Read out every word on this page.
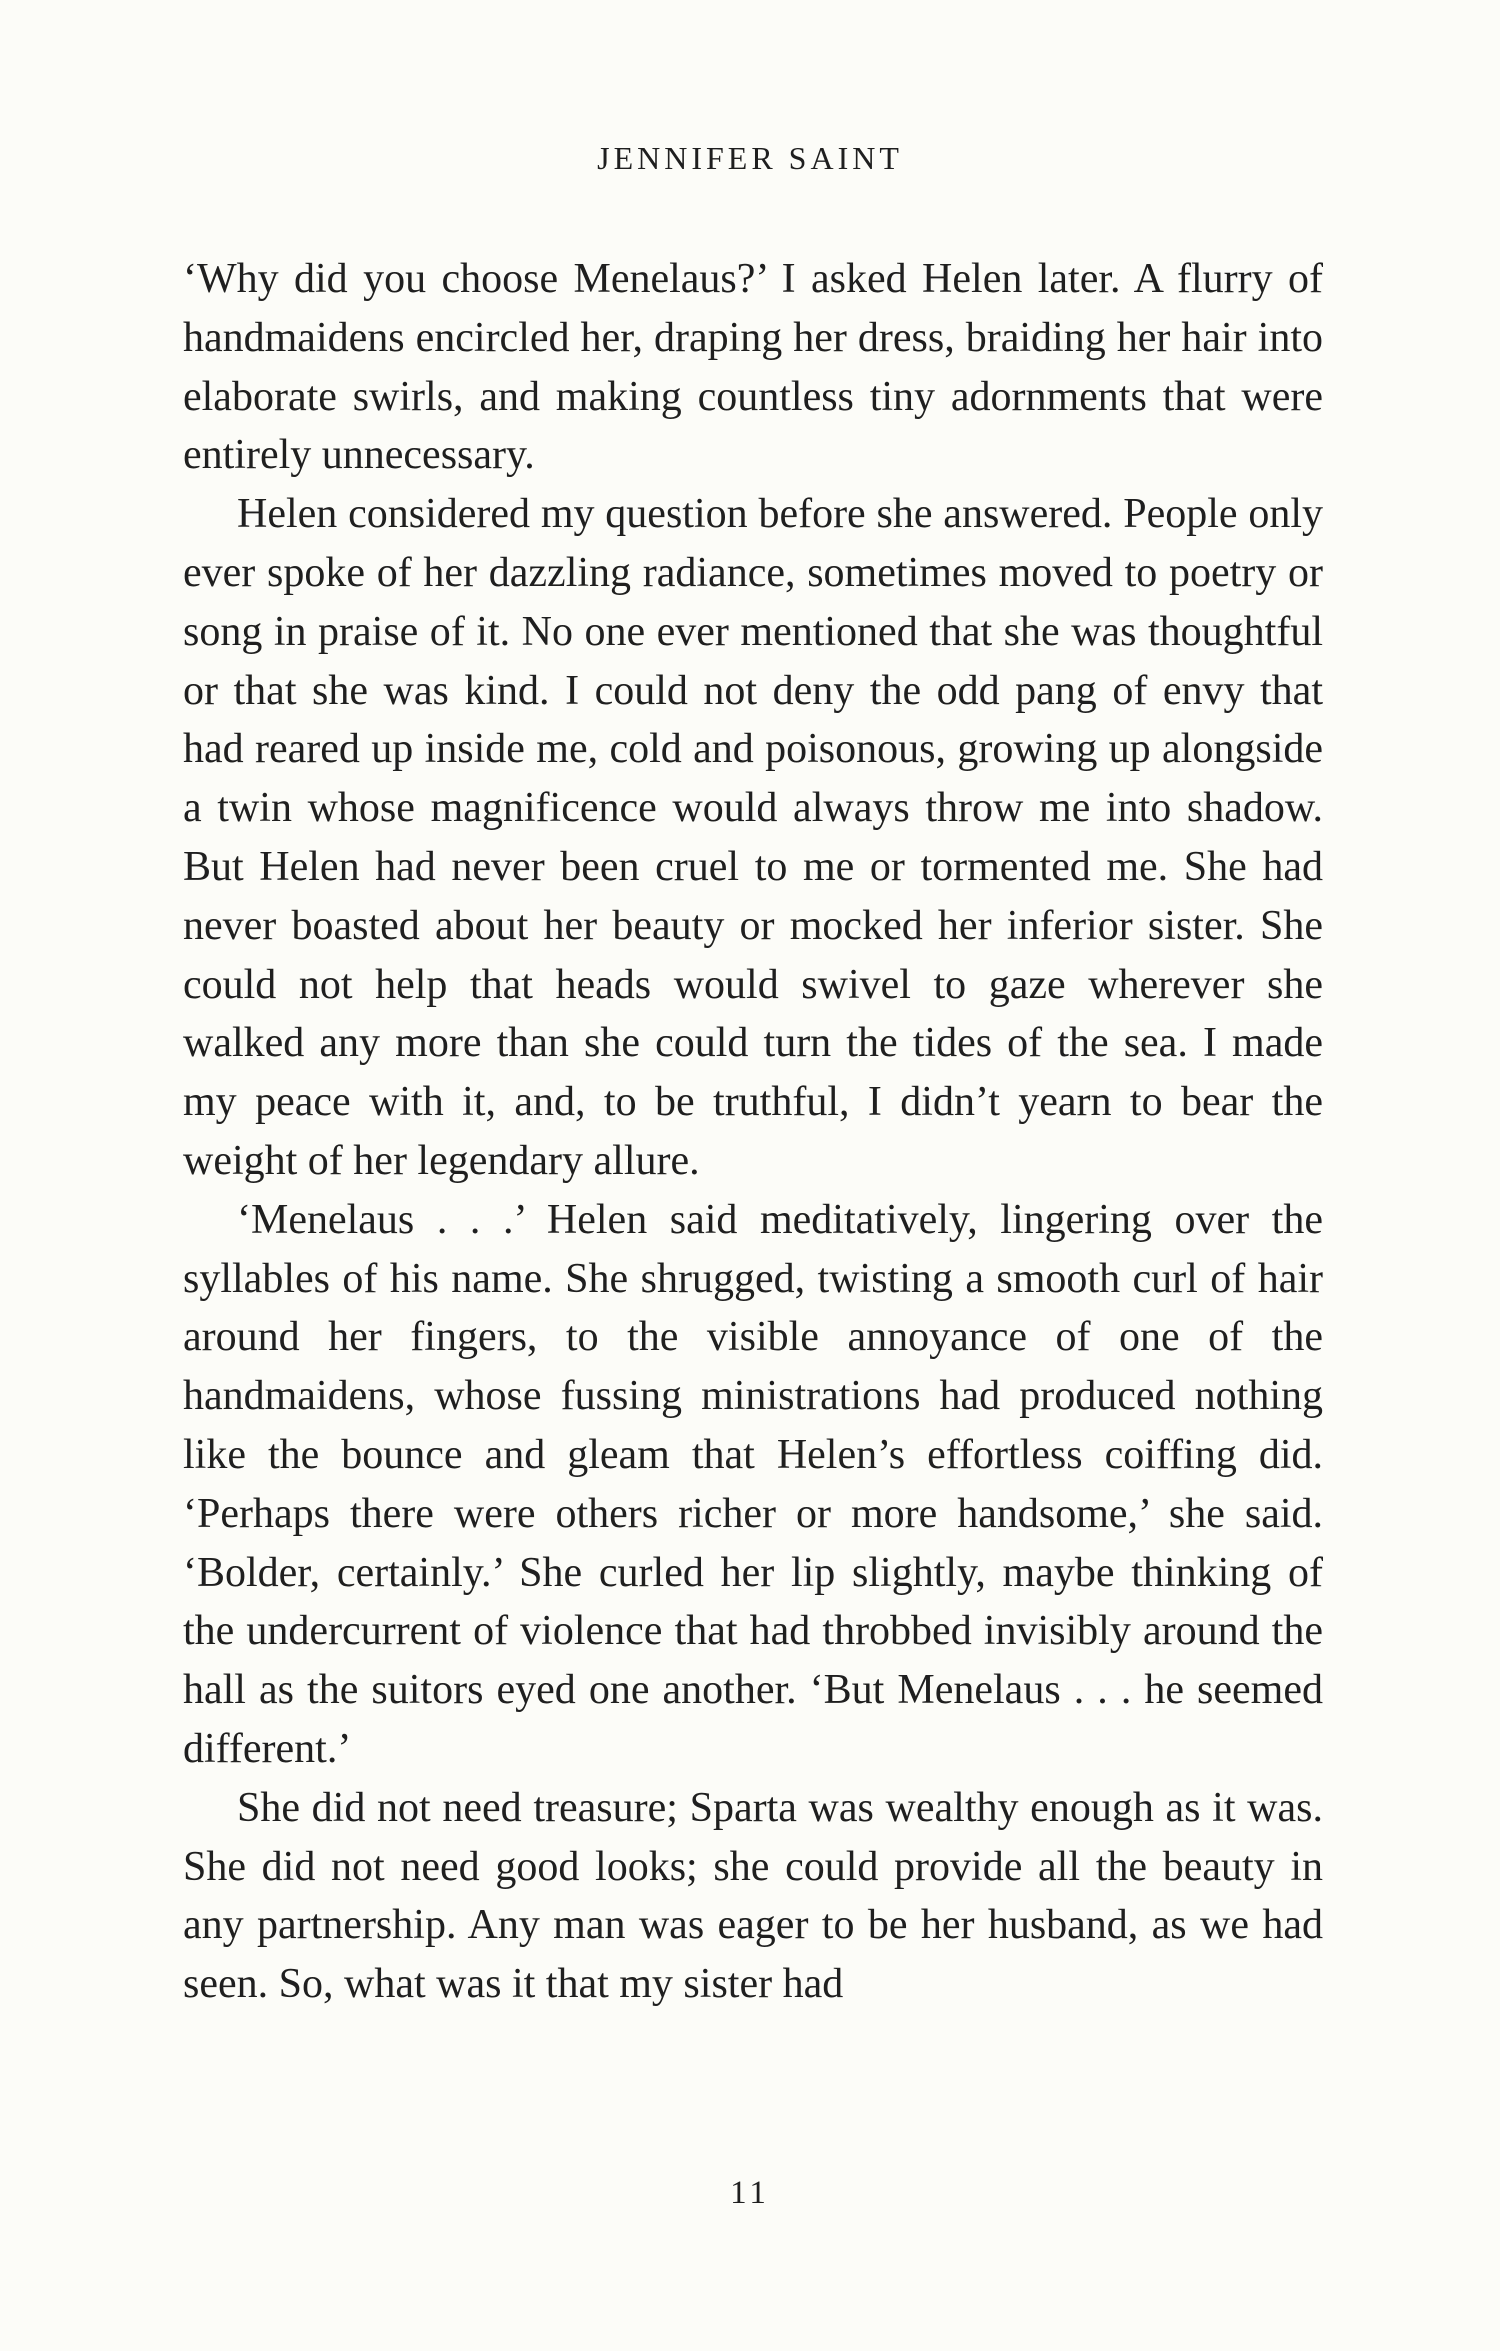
JENNIFER SAINT

‘Why did you choose Menelaus?’ I asked Helen later. A flurry of handmaidens encircled her, draping her dress, braiding her hair into elaborate swirls, and making countless tiny adornments that were entirely unnecessary.

Helen considered my question before she answered. People only ever spoke of her dazzling radiance, sometimes moved to poetry or song in praise of it. No one ever mentioned that she was thoughtful or that she was kind. I could not deny the odd pang of envy that had reared up inside me, cold and poisonous, growing up alongside a twin whose magnificence would always throw me into shadow. But Helen had never been cruel to me or tormented me. She had never boasted about her beauty or mocked her inferior sister. She could not help that heads would swivel to gaze wherever she walked any more than she could turn the tides of the sea. I made my peace with it, and, to be truthful, I didn’t yearn to bear the weight of her legendary allure.

‘Menelaus . . .’ Helen said meditatively, lingering over the syllables of his name. She shrugged, twisting a smooth curl of hair around her fingers, to the visible annoyance of one of the handmaidens, whose fussing ministrations had produced nothing like the bounce and gleam that Helen’s effortless coiffing did. ‘Perhaps there were others richer or more handsome,’ she said. ‘Bolder, certainly.’ She curled her lip slightly, maybe thinking of the undercurrent of violence that had throbbed invisibly around the hall as the suitors eyed one another. ‘But Menelaus . . . he seemed different.’

She did not need treasure; Sparta was wealthy enough as it was. She did not need good looks; she could provide all the beauty in any partnership. Any man was eager to be her husband, as we had seen. So, what was it that my sister had

11
